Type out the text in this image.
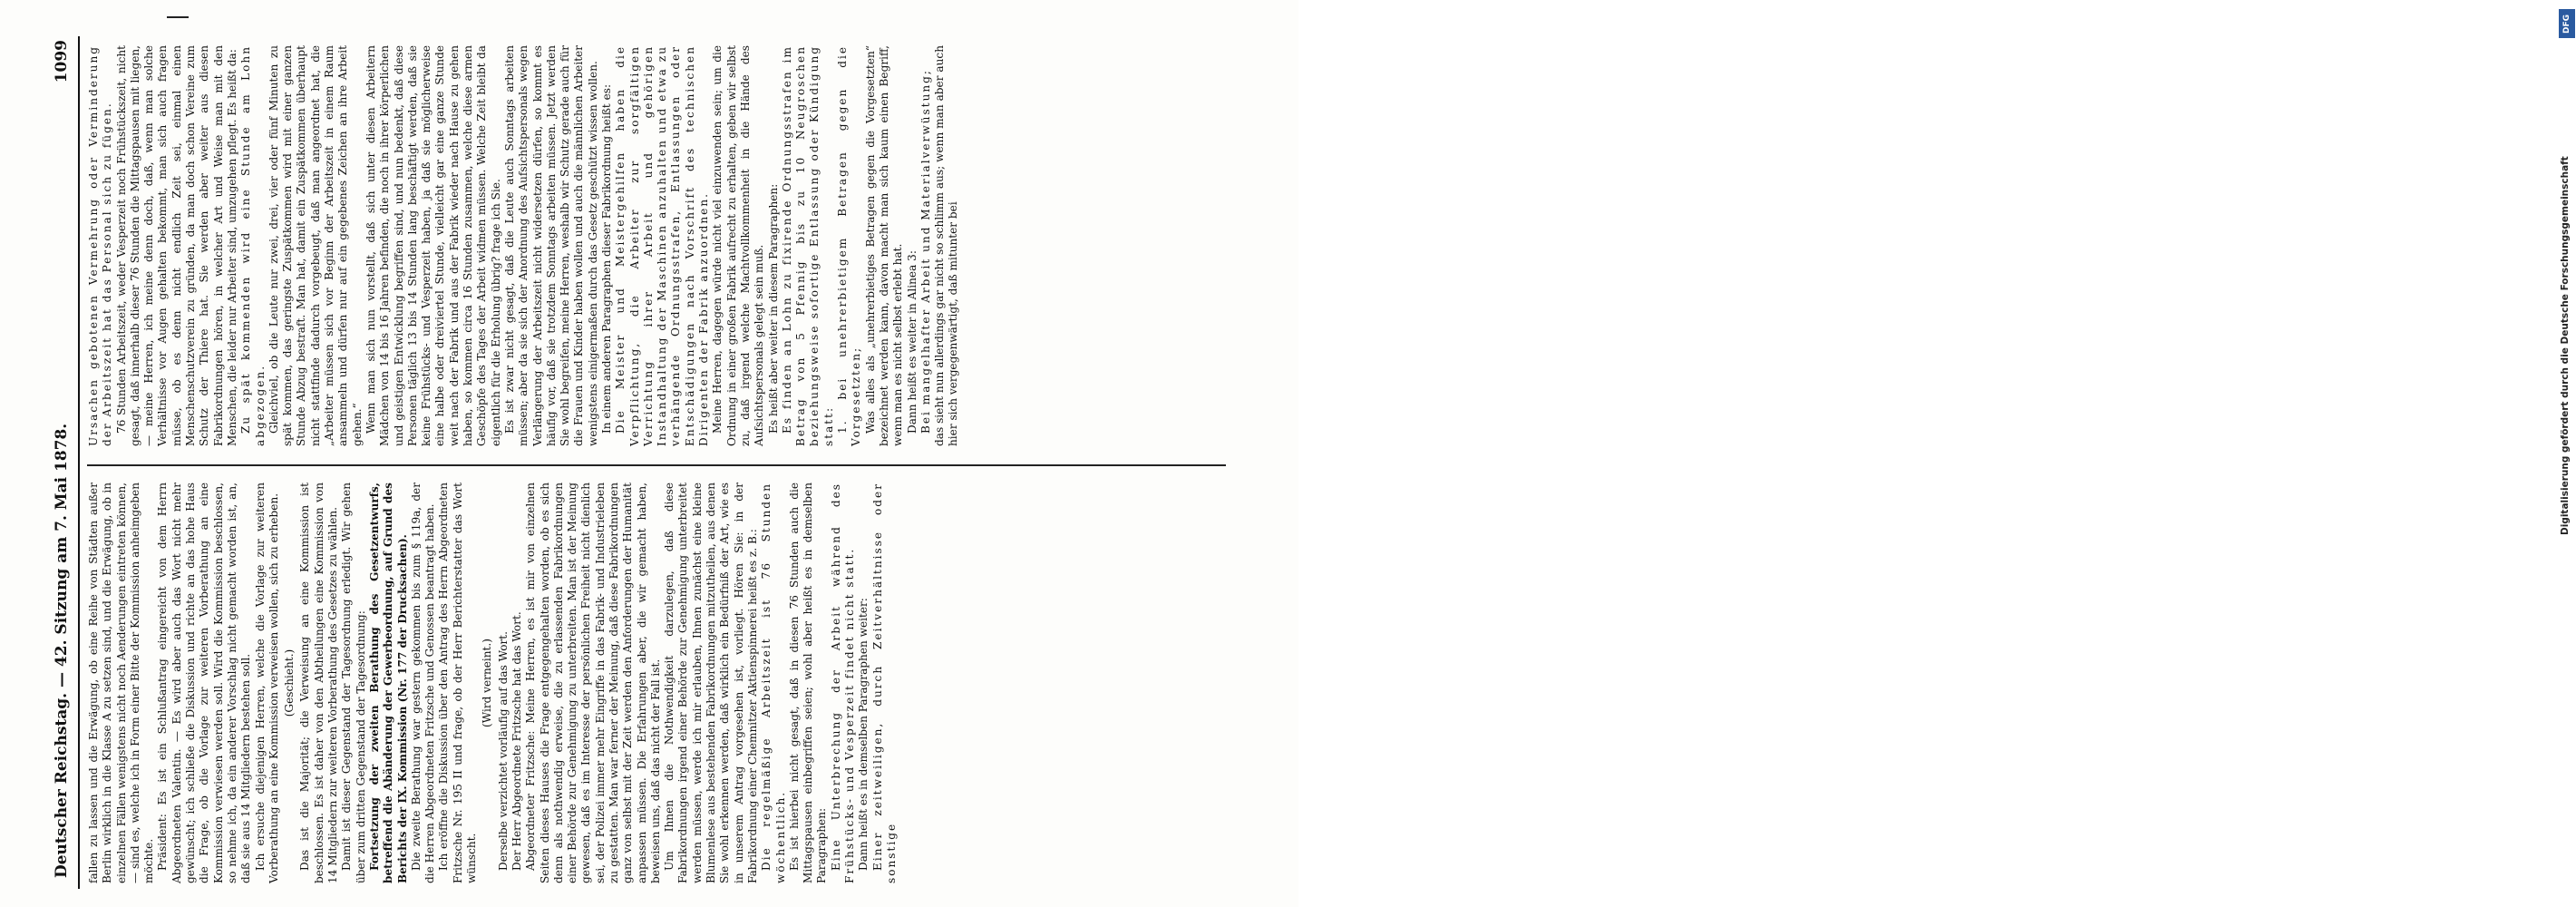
Deutscher Reichstag. — 42. Sitzung am 7. Mai 1878.
1099

fallen zu lassen und die Erwägung, ob eine Reihe von Städten außer Berlin wirklich in die Klasse A zu setzen sind, und die Erwägung, ob in einzelnen Fällen wenigstens nicht noch Aenderungen eintreten können, — sind es, welche ich in Form einer Bitte der Kommission anheimgeben möchte. Präsident: Es ist ein Schlußantrag eingereicht von dem Herrn Abgeordneten Valentin. — Es wird aber auch das Wort nicht mehr gewünscht; ich schließe die Diskussion und richte an das hohe Haus die Frage, ob die Vorlage zur weiteren Vorberathung an eine Kommission verwiesen werden soll. Wird die Kommission beschlossen, so nehme ich, da ein anderer Vorschlag nicht gemacht worden ist, an, daß sie aus 14 Mitgliedern bestehen soll. Ich ersuche diejenigen Herren, welche die Vorlage zur weiteren Vorberathung an eine Kommission verweisen wollen, sich zu erheben. (Geschieht.) Das ist die Majorität; die Verweisung an eine Kommission ist beschlossen. Es ist daher von den Abtheilungen eine Kommission von 14 Mitgliedern zur weiteren Vorberathung des Gesetzes zu wählen. Damit ist dieser Gegenstand der Tagesordnung erledigt. Wir gehen über zum dritten Gegenstand der Tagesordnung: Fortsetzung der zweiten Berathung des Gesetzentwurfs, betreffend die Abänderung der Gewerbeordnung, auf Grund des Berichts der IX. Kommission (Nr. 177 der Drucksachen). Die zweite Berathung war gestern gekommen bis zum § 119a, der die Herren Abgeordneten Fritzsche und Genossen beantragt haben. Ich eröffne die Diskussion über den Antrag des Herrn Abgeordneten Fritzsche Nr. 195 II und frage, ob der Herr Berichterstatter das Wort wünscht.

(Wird verneint.) Derselbe verzichtet vorläufig auf das Wort. Der Herr Abgeordnete Fritzsche hat das Wort. Abgeordneter Fritzsche: Meine Herren, es ist mir von einzelnen Seiten dieses Hauses die Frage entgegengehalten worden, ob es sich denn als nothwendig erweise, die zu erlassenden Fabrikordnungen einer Behörde zur Genehmigung zu unterbreiten. Man ist der Meinung gewesen, daß es im Interesse der persönlichen Freiheit nicht dienlich sei, der Polizei immer mehr Eingriffe in das Fabrik- und Industrieleben zu gestatten. Man war ferner der Meinung, daß diese Fabrikordnungen ganz von selbst mit der Zeit werden den Anforderungen der Humanität anpassen müssen. Die Erfahrungen aber, die wir gemacht haben, beweisen uns, daß das nicht der Fall ist. Um Ihnen die Nothwendigkeit darzulegen, daß diese Fabrikordnungen irgend einer Behörde zur Genehmigung unterbreitet werden müssen, werde ich mir erlauben, Ihnen zunächst eine kleine Blumenlese aus bestehenden Fabrikordnungen mitzutheilen, aus denen Sie wohl erkennen werden, daß wirklich ein Bedürfniß der Art, wie es in unserem Antrag vorgesehen ist, vorliegt. Hören Sie: in der Fabrikordnung einer Chemnitzer Aktienspinnerei heißt es z. B.: Die regelmäßige Arbeitszeit ist 76 Stunden wöchentlich. Es ist hierbei nicht gesagt, daß in diesen 76 Stunden auch die Mittagspausen einbegriffen seien; wohl aber heißt es in demselben Paragraphen: Eine Unterbrechung der Arbeit während des Frühstücks- und Vesperzeit findet nicht statt. Dann heißt es in demselben Paragraphen weiter: Einer zeitweiligen, durch Zeitverhältnisse oder sonstige

Ursachen gebotenen Vermehrung oder Verminderung der Arbeitszeit hat das Personal sich zu fügen. 76 Stunden Arbeitszeit, weder Vesperzeit noch Frühstückszeit, nicht gesagt, daß innerhalb dieser 76 Stunden die Mittagspausen mit liegen, — meine Herren, ich meine denn doch, daß, wenn man solche Verhältnisse vor Augen gehalten bekommt, man sich auch fragen müsse, ob es denn nicht endlich Zeit sei, einmal einen Menschenschutzverein zu gründen, da man doch schon Vereine zum Schutz der Thiere hat. Sie werden aber weiter aus diesen Fabrikordnungen hören, in welcher Art und Weise man mit den Menschen, die leider nur Arbeiter sind, umzugehen pflegt. Es heißt da: Zu spät kommenden wird eine Stunde am Lohn abgezogen. Gleichviel, ob die Leute nur zwei, drei, vier oder fünf Minuten zu spät kommen, das geringste Zuspätkommen wird mit einer ganzen Stunde Abzug bestraft. Man hat, damit ein Zuspätkommen überhaupt nicht stattfinde dadurch vorgebeugt, daß man angeordnet hat, die „Arbeiter müssen sich vor Beginn der Arbeitszeit in einem Raum ansammeln und dürfen nur auf ein gegebenes Zeichen an ihre Arbeit gehen.“ Wenn man sich nun vorstellt, daß sich unter diesen Arbeitern Mädchen von 14 bis 16 Jahren befinden, die noch in ihrer körperlichen und geistigen Entwicklung begriffen sind, und nun bedenkt, daß diese Personen täglich 13 bis 14 Stunden lang beschäftigt werden, daß sie keine Frühstücks- und Vesperzeit haben, ja daß sie möglicherweise eine halbe oder dreiviertel Stunde, vielleicht gar eine ganze Stunde weit nach der Fabrik und aus der Fabrik wieder nach Hause zu gehen haben, so kommen circa 16 Stunden zusammen, welche diese armen Geschöpfe des Tages der Arbeit widmen müssen. Welche Zeit bleibt da eigentlich für die Erholung übrig? frage ich Sie. Es ist zwar nicht gesagt, daß die Leute auch Sonntags arbeiten müssen; aber da sie sich der Anordnung des Aufsichtspersonals wegen Verlängerung der Arbeitszeit nicht widersetzen dürfen, so kommt es häufig vor, daß sie trotzdem Sonntags arbeiten müssen. Jetzt werden Sie wohl begreifen, meine Herren, weshalb wir Schutz gerade auch für die Frauen und Kinder haben wollen und auch die männlichen Arbeiter wenigstens einigermaßen durch das Gesetz geschützt wissen wollen. In einem anderen Paragraphen dieser Fabrikordnung heißt es: Die Meister und Meistergehilfen haben die Verpflichtung, die Arbeiter zur sorgfältigen Verrichtung ihrer Arbeit und gehörigen Instandhaltung der Maschinen anzuhalten und etwa zu verhängende Ordnungsstrafen, Entlassungen oder Entschädigungen nach Vorschrift des technischen Dirigenten der Fabrik anzuordnen. Meine Herren, dagegen würde nicht viel einzuwenden sein; um die Ordnung in einer großen Fabrik aufrecht zu erhalten, geben wir selbst zu, daß irgend welche Machtvollkommenheit in die Hände des Aufsichtspersonals gelegt sein muß. Es heißt aber weiter in diesem Paragraphen: Es finden an Lohn zu fixirende Ordnungsstrafen im Betrag von 5 Pfennig bis zu 10 Neugroschen beziehungsweise sofortige Entlassung oder Kündigung statt: 1. bei unehrerbietigem Betragen gegen die Vorgesetzten; Was alles als „unehrerbietiges Betragen gegen die Vorgesetzten“ bezeichnet werden kann, davon macht man sich kaum einen Begriff, wenn man es nicht selbst erlebt hat. Dann heißt es weiter in Alinea 3: Bei mangelhafter Arbeit und Materialverwüstung; das sieht nun allerdings gar nicht so schlimm aus; wenn man aber auch hier sich vergegenwärtigt, daß mitunter bei

DFG
Digitalisierung gefördert durch die Deutsche Forschungsgemeinschaft
